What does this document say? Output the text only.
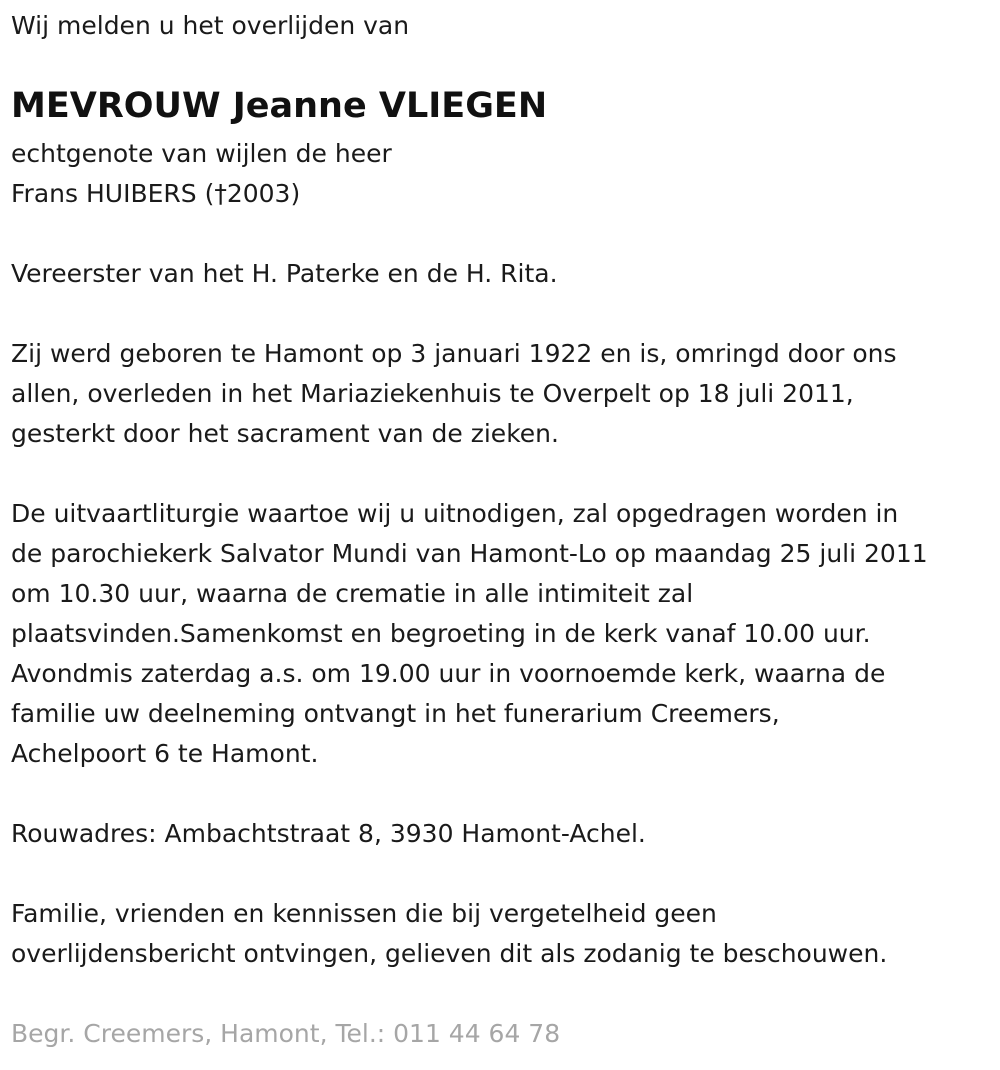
Wij melden u het overlijden van
MEVROUW Jeanne VLIEGEN
echtgenote van wijlen de heer
Frans HUIBERS (†2003)
Vereerster van het H. Paterke en de H. Rita.
Zij werd geboren te Hamont op 3 januari 1922 en is, omringd door ons
allen, overleden in het Mariaziekenhuis te Overpelt op 18 juli 2011,
gesterkt door het sacrament van de zieken.
De uitvaartliturgie waartoe wij u uitnodigen, zal opgedragen worden in
de parochiekerk Salvator Mundi van Hamont-Lo op maandag 25 juli 2011
om 10.30 uur, waarna de crematie in alle intimiteit zal
plaatsvinden.Samenkomst en begroeting in de kerk vanaf 10.00 uur.
Avondmis zaterdag a.s. om 19.00 uur in voornoemde kerk, waarna de
familie uw deelneming ontvangt in het funerarium Creemers,
Achelpoort 6 te Hamont.
Rouwadres: Ambachtstraat 8, 3930 Hamont-Achel.
Familie, vrienden en kennissen die bij vergetelheid geen
overlijdensbericht ontvingen, gelieven dit als zodanig te beschouwen.
Begr. Creemers, Hamont, Tel.: 011 44 64 78
